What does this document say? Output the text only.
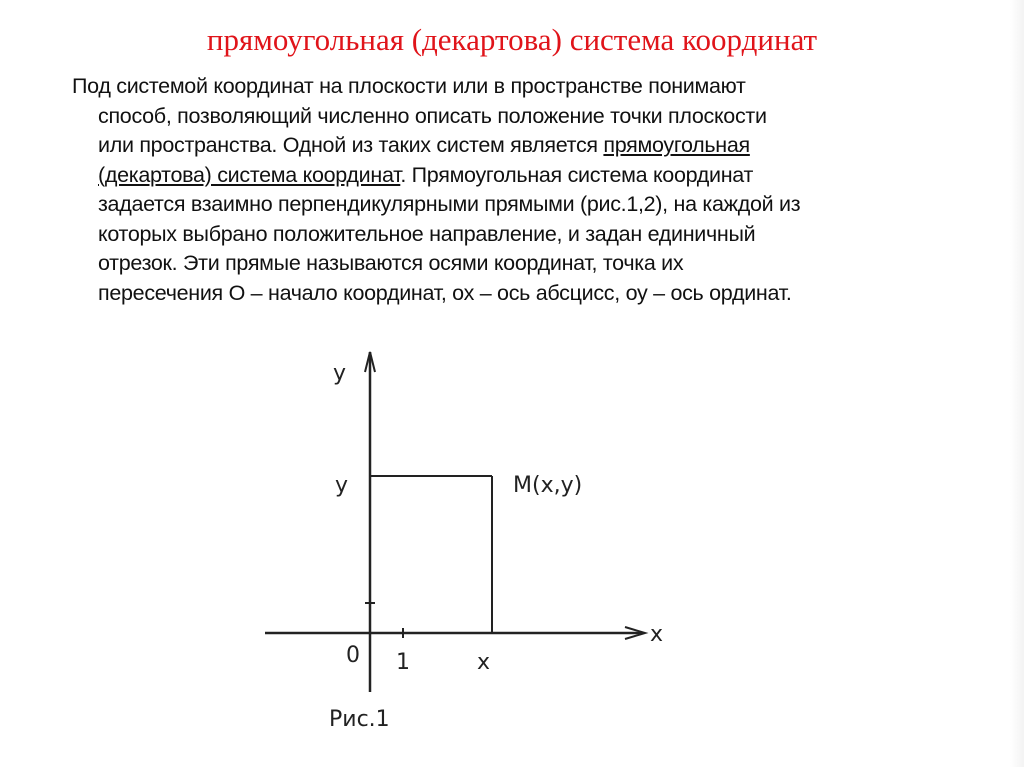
прямоугольная (декартова) система координат
Под системой координат на плоскости или в пространстве понимают
способ, позволяющий численно описать положение точки плоскости
или пространства. Одной из таких систем является прямоугольная
(декартова) система координат. Прямоугольная система координат
задается взаимно перпендикулярными прямыми (рис.1,2), на каждой из
которых выбрано положительное направление, и задан единичный
отрезок. Эти прямые называются осями координат, точка их
пересечения О – начало координат, ох – ось абсцисс, оу – ось ординат.
y
x
y
x
0 1
M(x,y)
Рис.1
